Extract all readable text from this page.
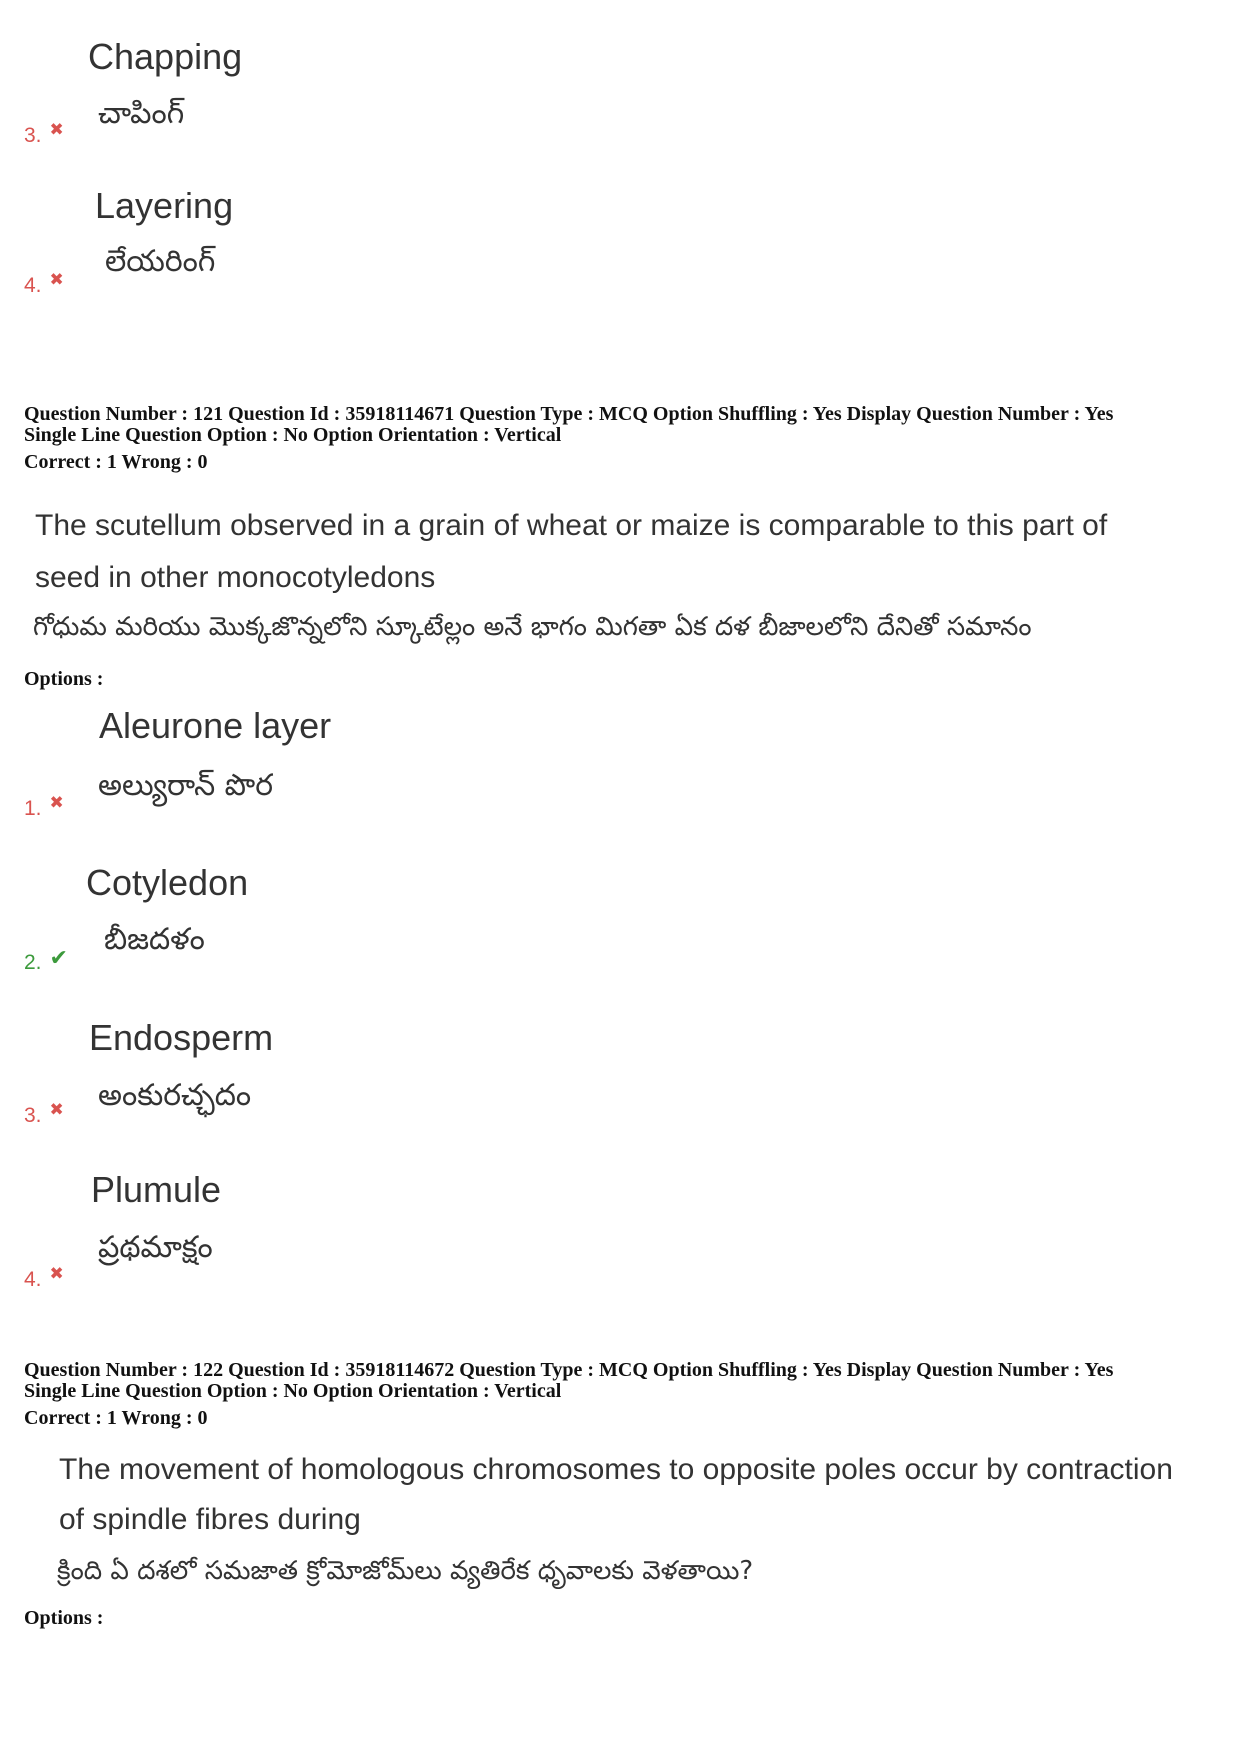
Chapping
చాపింగ్
3. ✖
Layering
లేయరింగ్
4. ✖
Question Number : 121 Question Id : 35918114671 Question Type : MCQ Option Shuffling : Yes Display Question Number : Yes
Single Line Question Option : No Option Orientation : Vertical
Correct : 1 Wrong : 0
The scutellum observed in a grain of wheat or maize is comparable to this part of
seed in other monocotyledons
గోధుమ మరియు మొక్కజొన్నలోని స్కూటేల్లం అనే భాగం మిగతా ఏక దళ బీజాలలోని దేనితో సమానం
Options :
Aleurone layer
అల్యురాన్ పొర
1. ✖
Cotyledon
బీజదళం
2. ✔
Endosperm
అంకురచ్ఛదం
3. ✖
Plumule
ప్రథమాక్షం
4. ✖
Question Number : 122 Question Id : 35918114672 Question Type : MCQ Option Shuffling : Yes Display Question Number : Yes
Single Line Question Option : No Option Orientation : Vertical
Correct : 1 Wrong : 0
The movement of homologous chromosomes to opposite poles occur by contraction
of spindle fibres during
క్రింది ఏ దశలో సమజాత క్రోమోజోమ్‌లు వ్యతిరేక ధృవాలకు వెళతాయి?
Options :
